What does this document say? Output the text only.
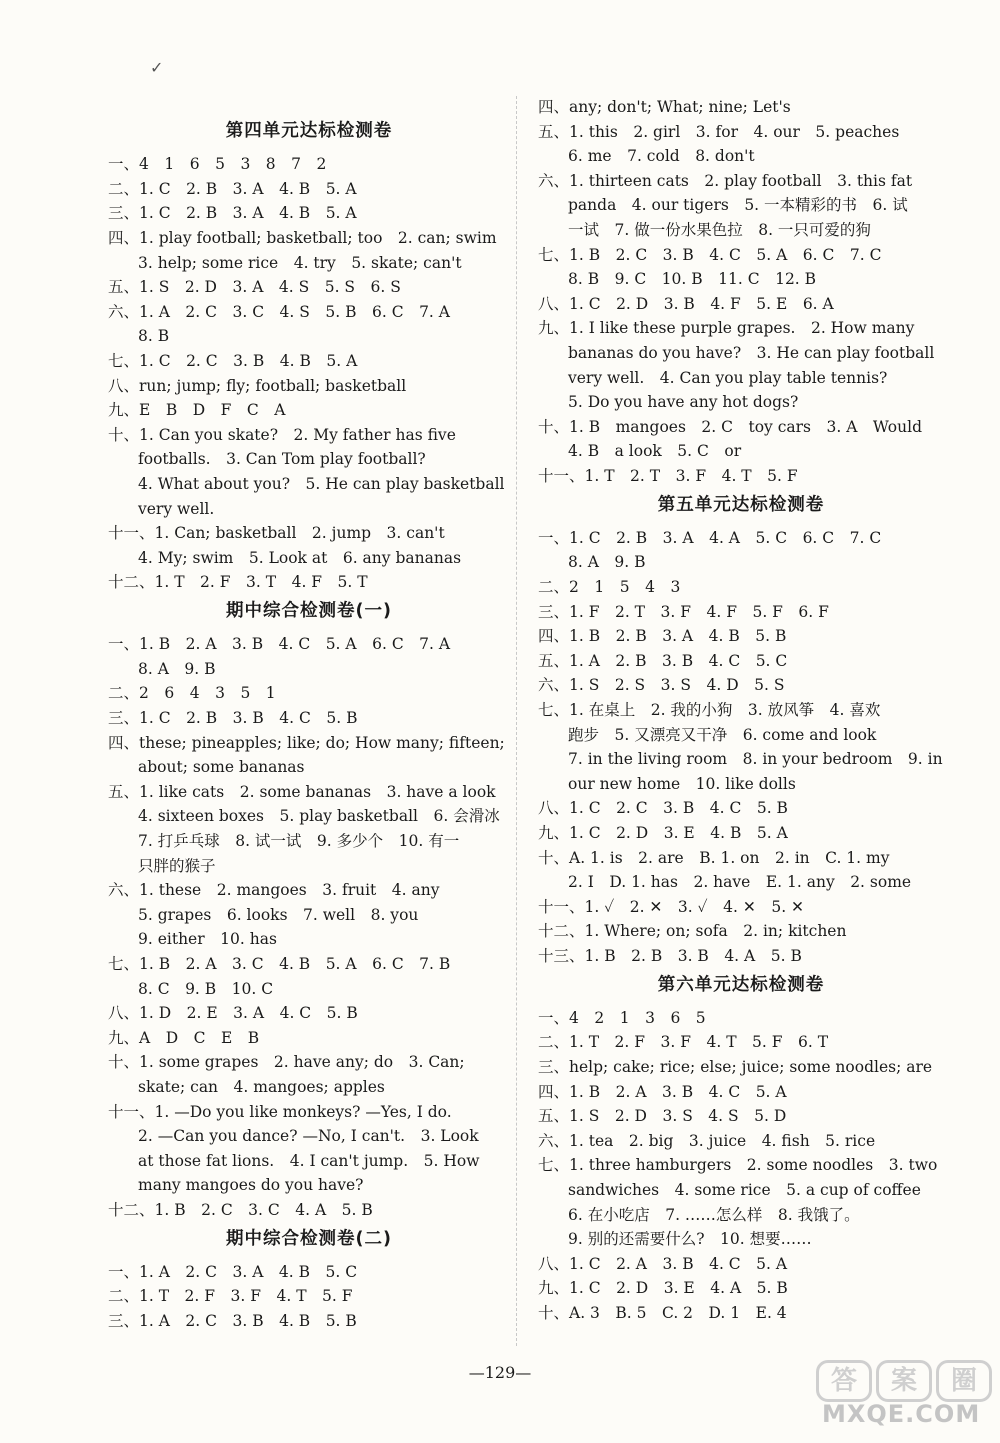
✓
第四单元达标检测卷
一、4　1　6　5　3　8　7　2
二、1. C　2. B　3. A　4. B　5. A
三、1. C　2. B　3. A　4. B　5. A
四、1. play football; basketball; too　2. can; swim
3. help; some rice　4. try　5. skate; can't
五、1. S　2. D　3. A　4. S　5. S　6. S
六、1. A　2. C　3. C　4. S　5. B　6. C　7. A
8. B
七、1. C　2. C　3. B　4. B　5. A
八、run; jump; fly; football; basketball
九、E　B　D　F　C　A
十、1. Can you skate?　2. My father has five
footballs.　3. Can Tom play football?
4. What about you?　5. He can play basketball
very well.
十一、1. Can; basketball　2. jump　3. can't
4. My; swim　5. Look at　6. any bananas
十二、1. T　2. F　3. T　4. F　5. T
期中综合检测卷(一)
一、1. B　2. A　3. B　4. C　5. A　6. C　7. A
8. A　9. B
二、2　6　4　3　5　1
三、1. C　2. B　3. B　4. C　5. B
四、these; pineapples; like; do; How many; fifteen;
about; some bananas
五、1. like cats　2. some bananas　3. have a look
4. sixteen boxes　5. play basketball　6. 会滑冰
7. 打乒乓球　8. 试一试　9. 多少个　10. 有一
只胖的猴子
六、1. these　2. mangoes　3. fruit　4. any
5. grapes　6. looks　7. well　8. you
9. either　10. has
七、1. B　2. A　3. C　4. B　5. A　6. C　7. B
8. C　9. B　10. C
八、1. D　2. E　3. A　4. C　5. B
九、A　D　C　E　B
十、1. some grapes　2. have any; do　3. Can;
skate; can　4. mangoes; apples
十一、1. —Do you like monkeys? —Yes, I do.
2. —Can you dance? —No, I can't.　3. Look
at those fat lions.　4. I can't jump.　5. How
many mangoes do you have?
十二、1. B　2. C　3. C　4. A　5. B
期中综合检测卷(二)
一、1. A　2. C　3. A　4. B　5. C
二、1. T　2. F　3. F　4. T　5. F
三、1. A　2. C　3. B　4. B　5. B
四、any; don't; What; nine; Let's
五、1. this　2. girl　3. for　4. our　5. peaches
6. me　7. cold　8. don't
六、1. thirteen cats　2. play football　3. this fat
panda　4. our tigers　5. 一本精彩的书　6. 试
一试　7. 做一份水果色拉　8. 一只可爱的狗
七、1. B　2. C　3. B　4. C　5. A　6. C　7. C
8. B　9. C　10. B　11. C　12. B
八、1. C　2. D　3. B　4. F　5. E　6. A
九、1. I like these purple grapes.　2. How many
bananas do you have?　3. He can play football
very well.　4. Can you play table tennis?
5. Do you have any hot dogs?
十、1. B　mangoes　2. C　toy cars　3. A　Would
4. B　a look　5. C　or
十一、1. T　2. T　3. F　4. T　5. F
第五单元达标检测卷
一、1. C　2. B　3. A　4. A　5. C　6. C　7. C
8. A　9. B
二、2　1　5　4　3
三、1. F　2. T　3. F　4. F　5. F　6. F
四、1. B　2. B　3. A　4. B　5. B
五、1. A　2. B　3. B　4. C　5. C
六、1. S　2. S　3. S　4. D　5. S
七、1. 在桌上　2. 我的小狗　3. 放风筝　4. 喜欢
跑步　5. 又漂亮又干净　6. come and look
7. in the living room　8. in your bedroom　9. in
our new home　10. like dolls
八、1. C　2. C　3. B　4. C　5. B
九、1. C　2. D　3. E　4. B　5. A
十、A. 1. is　2. are　B. 1. on　2. in　C. 1. my
2. I　D. 1. has　2. have　E. 1. any　2. some
十一、1. ✓　2. ✕　3. ✓　4. ✕　5. ✕
十二、1. Where; on; sofa　2. in; kitchen
十三、1. B　2. B　3. B　4. A　5. B
第六单元达标检测卷
一、4　2　1　3　6　5
二、1. T　2. F　3. F　4. T　5. F　6. T
三、help; cake; rice; else; juice; some noodles; are
四、1. B　2. A　3. B　4. C　5. A
五、1. S　2. D　3. S　4. S　5. D
六、1. tea　2. big　3. juice　4. fish　5. rice
七、1. three hamburgers　2. some noodles　3. two
sandwiches　4. some rice　5. a cup of coffee
6. 在小吃店　7. ……怎么样　8. 我饿了。
9. 别的还需要什么?　10. 想要……
八、1. C　2. A　3. B　4. C　5. A
九、1. C　2. D　3. E　4. A　5. B
十、A. 3　B. 5　C. 2　D. 1　E. 4
—129—	答	案	圈
MXQE.COM
